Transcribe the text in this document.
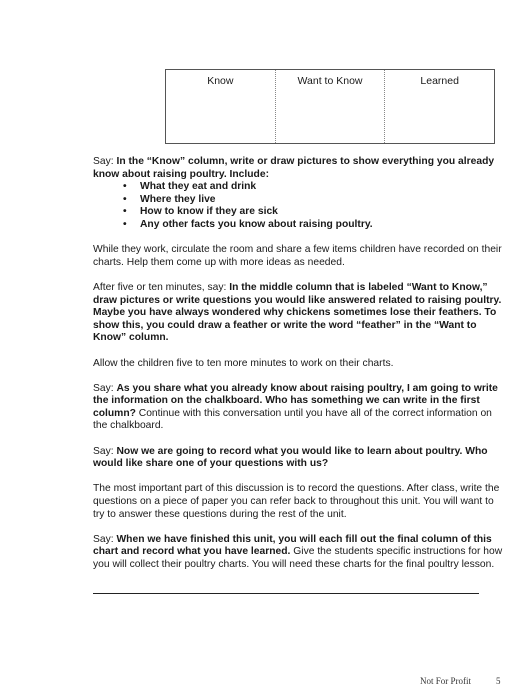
Know	Want to Know	Learned

Say: In the “Know” column, write or draw pictures to show everything you already know about raising poultry. Include:

• What they eat and drink
• Where they live
• How to know if they are sick
• Any other facts you know about raising poultry.

While they work, circulate the room and share a few items children have recorded on their charts. Help them come up with more ideas as needed.

After five or ten minutes, say: In the middle column that is labeled “Want to Know,” draw pictures or write questions you would like answered related to raising poultry. Maybe you have always wondered why chickens sometimes lose their feathers. To show this, you could draw a feather or write the word “feather” in the “Want to Know” column.

Allow the children five to ten more minutes to work on their charts.

Say: As you share what you already know about raising poultry, I am going to write the information on the chalkboard. Who has something we can write in the first column? Continue with this conversation until you have all of the correct information on the chalkboard.

Say: Now we are going to record what you would like to learn about poultry. Who would like share one of your questions with us?

The most important part of this discussion is to record the questions. After class, write the questions on a piece of paper you can refer back to throughout this unit. You will want to try to answer these questions during the rest of the unit.

Say: When we have finished this unit, you will each fill out the final column of this chart and record what you have learned. Give the students specific instructions for how you will collect their poultry charts. You will need these charts for the final poultry lesson.

Not For Profit	5
